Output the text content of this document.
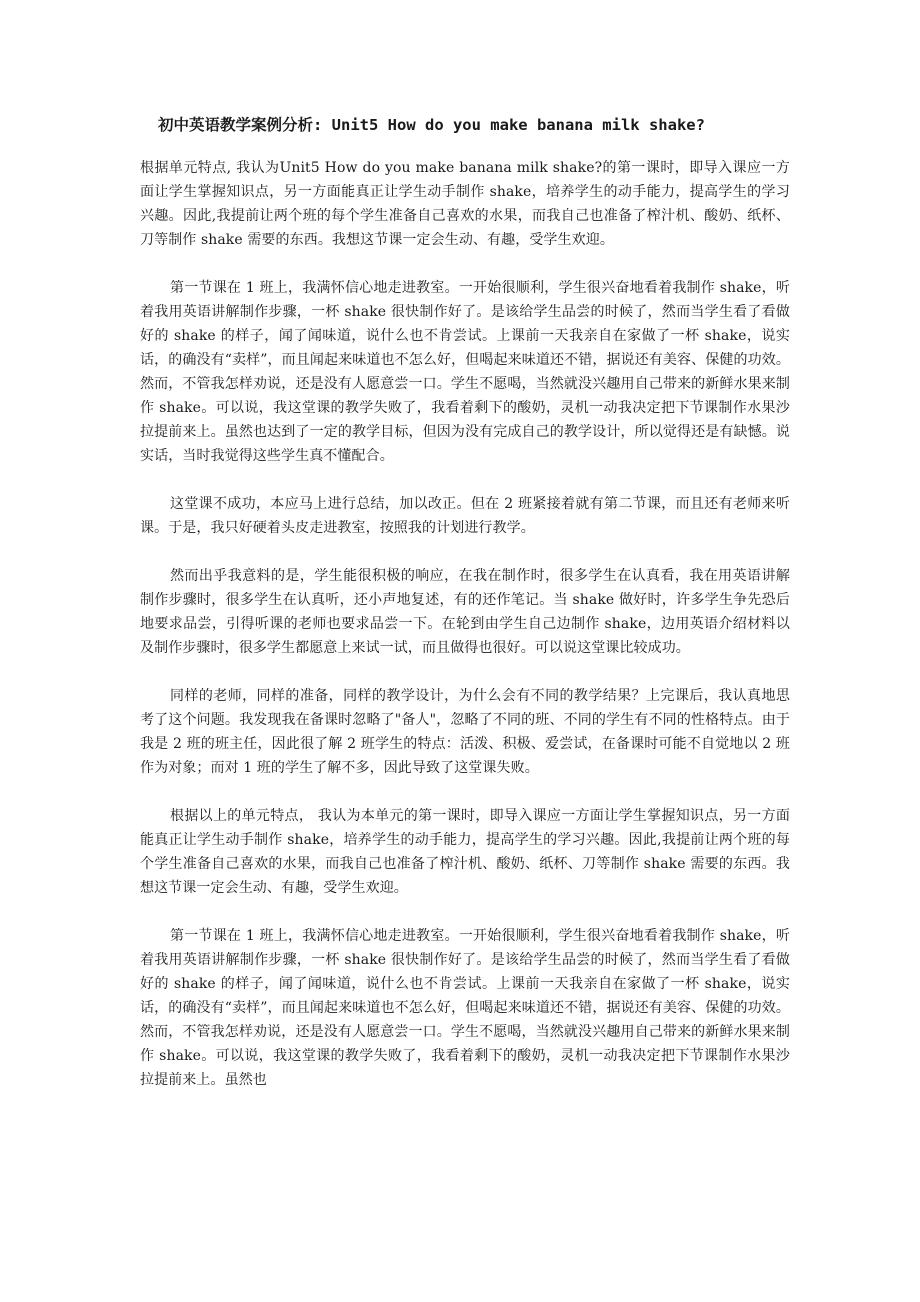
初中英语教学案例分析: Unit5 How do you make banana milk shake?

根据单元特点, 我认为Unit5 How do you make banana milk shake?的第一课时，即导入课应一方面让学生掌握知识点，另一方面能真正让学生动手制作 shake，培养学生的动手能力，提高学生的学习兴趣。因此,我提前让两个班的每个学生准备自己喜欢的水果，而我自己也准备了榨汁机、酸奶、纸杯、刀等制作 shake 需要的东西。我想这节课一定会生动、有趣，受学生欢迎。

第一节课在 1 班上，我满怀信心地走进教室。一开始很顺利，学生很兴奋地看着我制作 shake，听着我用英语讲解制作步骤，一杯 shake 很快制作好了。是该给学生品尝的时候了，然而当学生看了看做好的 shake 的样子，闻了闻味道，说什么也不肯尝试。上课前一天我亲自在家做了一杯 shake，说实话，的确没有“卖样”，而且闻起来味道也不怎么好，但喝起来味道还不错，据说还有美容、保健的功效。然而，不管我怎样劝说，还是没有人愿意尝一口。学生不愿喝，当然就没兴趣用自己带来的新鲜水果来制作 shake。可以说，我这堂课的教学失败了，我看着剩下的酸奶，灵机一动我决定把下节课制作水果沙拉提前来上。虽然也达到了一定的教学目标，但因为没有完成自己的教学设计，所以觉得还是有缺憾。说实话，当时我觉得这些学生真不懂配合。

这堂课不成功，本应马上进行总结，加以改正。但在 2 班紧接着就有第二节课，而且还有老师来听课。于是，我只好硬着头皮走进教室，按照我的计划进行教学。

然而出乎我意料的是，学生能很积极的响应，在我在制作时，很多学生在认真看，我在用英语讲解制作步骤时，很多学生在认真听，还小声地复述，有的还作笔记。当 shake 做好时，许多学生争先恐后地要求品尝，引得听课的老师也要求品尝一下。在轮到由学生自己边制作 shake，边用英语介绍材料以及制作步骤时，很多学生都愿意上来试一试，而且做得也很好。可以说这堂课比较成功。

同样的老师，同样的准备，同样的教学设计，为什么会有不同的教学结果？上完课后，我认真地思考了这个问题。我发现我在备课时忽略了"备人"，忽略了不同的班、不同的学生有不同的性格特点。由于我是 2 班的班主任，因此很了解 2 班学生的特点：活泼、积极、爱尝试，在备课时可能不自觉地以 2 班作为对象；而对 1 班的学生了解不多，因此导致了这堂课失败。

根据以上的单元特点， 我认为本单元的第一课时，即导入课应一方面让学生掌握知识点，另一方面能真正让学生动手制作 shake，培养学生的动手能力，提高学生的学习兴趣。因此,我提前让两个班的每个学生准备自己喜欢的水果，而我自己也准备了榨汁机、酸奶、纸杯、刀等制作 shake 需要的东西。我想这节课一定会生动、有趣，受学生欢迎。

第一节课在 1 班上，我满怀信心地走进教室。一开始很顺利，学生很兴奋地看着我制作 shake，听着我用英语讲解制作步骤，一杯 shake 很快制作好了。是该给学生品尝的时候了，然而当学生看了看做好的 shake 的样子，闻了闻味道，说什么也不肯尝试。上课前一天我亲自在家做了一杯 shake，说实话，的确没有“卖样”，而且闻起来味道也不怎么好，但喝起来味道还不错，据说还有美容、保健的功效。然而，不管我怎样劝说，还是没有人愿意尝一口。学生不愿喝，当然就没兴趣用自己带来的新鲜水果来制作 shake。可以说，我这堂课的教学失败了，我看着剩下的酸奶，灵机一动我决定把下节课制作水果沙拉提前来上。虽然也
